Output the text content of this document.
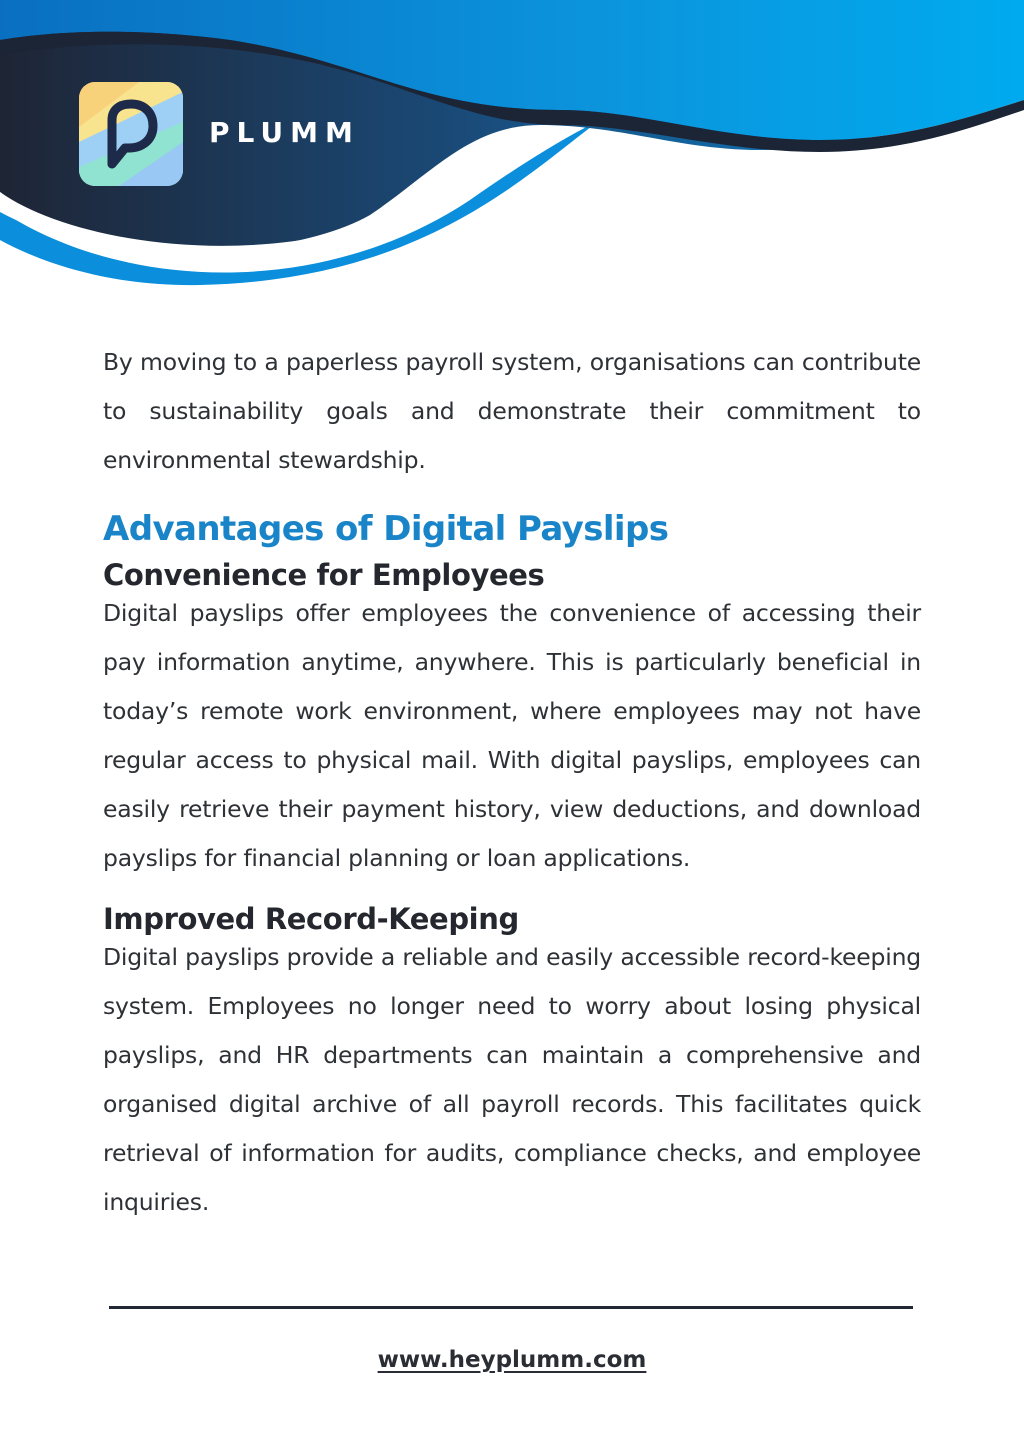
PLUMM

By moving to a paperless payroll system, organisations can contribute to sustainability goals and demonstrate their commitment to environmental stewardship.

Advantages of Digital Payslips
Convenience for Employees

Digital payslips offer employees the convenience of accessing their pay information anytime, anywhere. This is particularly beneficial in today’s remote work environment, where employees may not have regular access to physical mail. With digital payslips, employees can easily retrieve their payment history, view deductions, and download payslips for financial planning or loan applications.

Improved Record-Keeping

Digital payslips provide a reliable and easily accessible record-keeping system. Employees no longer need to worry about losing physical payslips, and HR departments can maintain a comprehensive and organised digital archive of all payroll records. This facilitates quick retrieval of information for audits, compliance checks, and employee inquiries.

www.heyplumm.com
